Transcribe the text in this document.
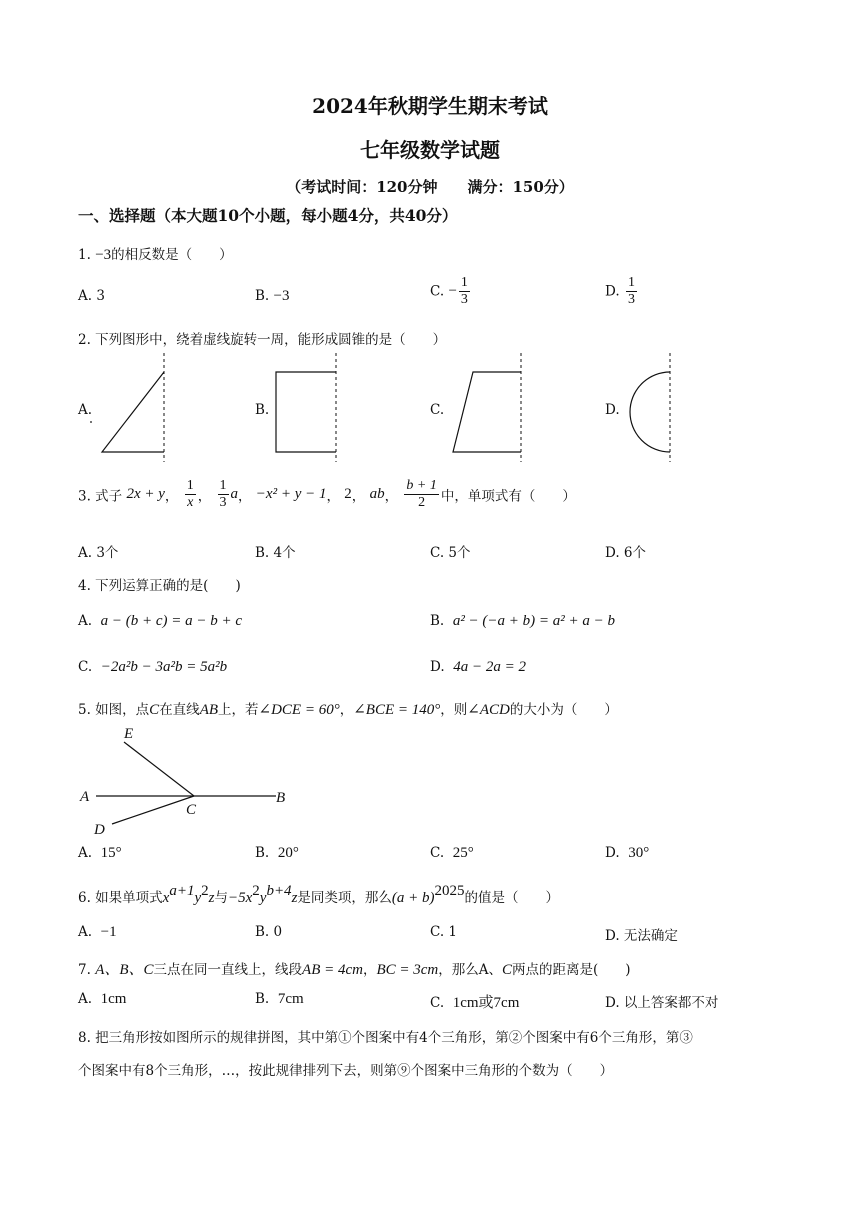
2024年秋期学生期末考试
七年级数学试题
（考试时间：120分钟　　满分：150分）
一、选择题（本大题10个小题，每小题4分，共40分）
1. −3的相反数是（　　）
A. 3	B. −3	C. − $\frac{1}{3}$	D. $\frac{1}{3}$
2. 下列图形中，绕着虚线旋转一周，能形成圆锥的是（　　）
A.	B.	C.	D.
3. 式子 2x + y， $\frac{1}{x}$ ， $\frac{1}{3}$ a， −x² + y − 1， 2， ab， $\frac{b + 1}{2}$ 中，单项式有（　　）
A. 3个	B. 4个	C. 5个	D. 6个
4. 下列运算正确的是(　　)
A. a − (b + c) = a − b + c	B. a² − (−a + b) = a² + a − b
C. −2a²b − 3a²b = 5a²b	D. 4a − 2a = 2
5. 如图，点C在直线AB上，若∠DCE = 60°，∠BCE = 140°，则∠ACD的大小为（　　）
E
A
C
B
D
A. 15°	B. 20°	C. 25°	D. 30°
6. 如果单项式$x^{a+1}y^2z$与$-5x^2y^{b+4}z$是同类项，那么$(a + b)^{2025}$的值是（　　）
A. −1	B. 0	C. 1	D. 无法确定
7. A、B、C三点在同一直线上，线段AB = 4cm，BC = 3cm，那么A、C两点的距离是(　　)
A. 1cm	B. 7cm	C. 1cm或7cm	D. 以上答案都不对
8. 把三角形按如图所示的规律拼图，其中第①个图案中有4个三角形，第②个图案中有6个三角形，第③
个图案中有8个三角形，…，按此规律排列下去，则第⑨个图案中三角形的个数为（　　）
